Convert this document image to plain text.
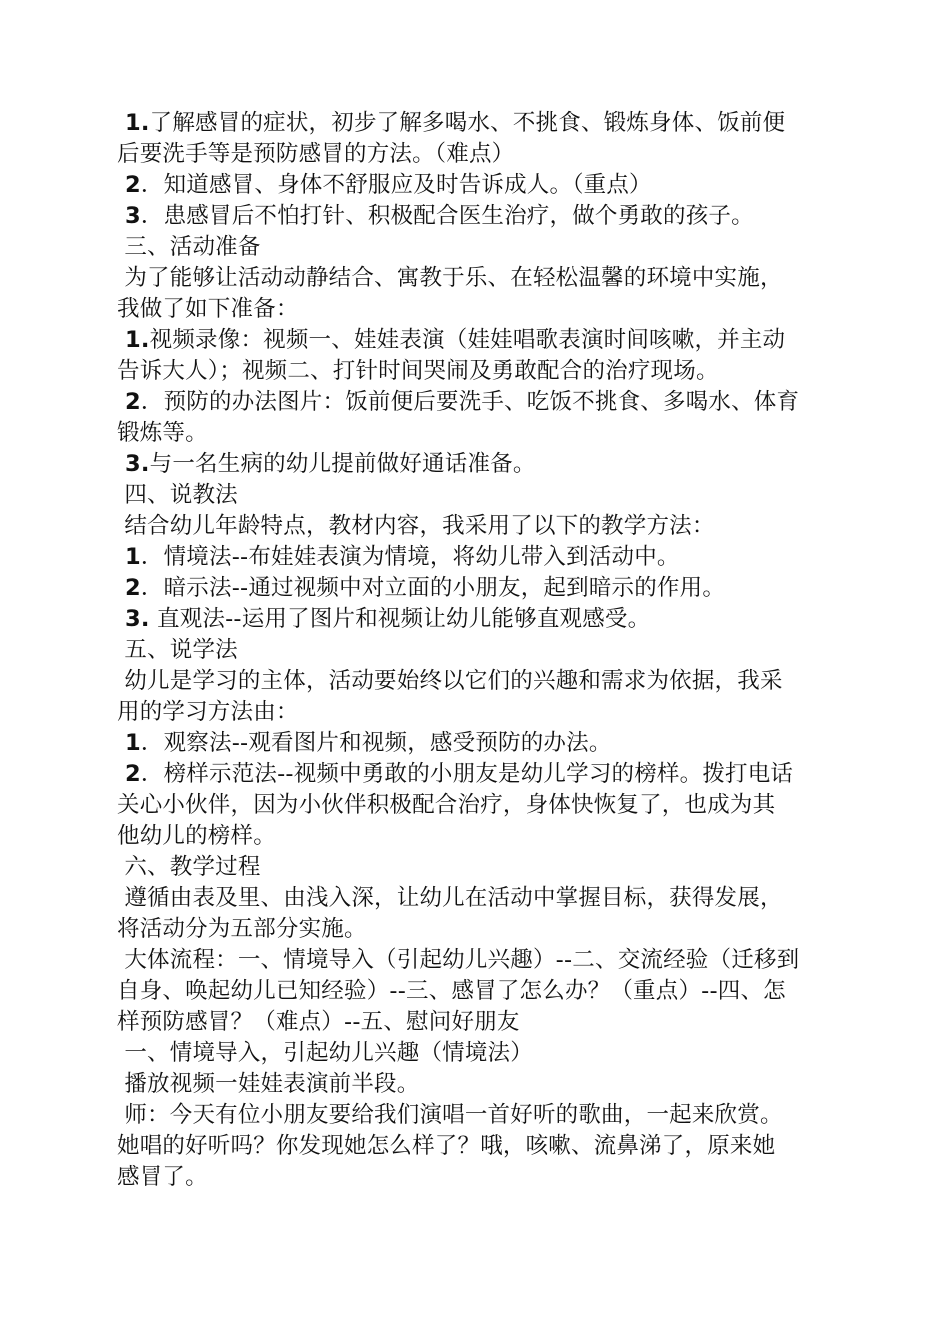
1.了解感冒的症状，初步了解多喝水、不挑食、锻炼身体、饭前便
后要洗手等是预防感冒的方法。（难点）
2．知道感冒、身体不舒服应及时告诉成人。（重点）
3．患感冒后不怕打针、积极配合医生治疗，做个勇敢的孩子。
三、活动准备
为了能够让活动动静结合、寓教于乐、在轻松温馨的环境中实施，
我做了如下准备：
1.视频录像：视频一、娃娃表演（娃娃唱歌表演时间咳嗽，并主动
告诉大人）；视频二、打针时间哭闹及勇敢配合的治疗现场。
2．预防的办法图片：饭前便后要洗手、吃饭不挑食、多喝水、体育
锻炼等。
3.与一名生病的幼儿提前做好通话准备。
四、说教法
结合幼儿年龄特点，教材内容，我采用了以下的教学方法：
1．情境法--布娃娃表演为情境，将幼儿带入到活动中。
2．暗示法--通过视频中对立面的小朋友，起到暗示的作用。
3. 直观法--运用了图片和视频让幼儿能够直观感受。
五、说学法
幼儿是学习的主体，活动要始终以它们的兴趣和需求为依据，我采
用的学习方法由：
1．观察法--观看图片和视频，感受预防的办法。
2．榜样示范法--视频中勇敢的小朋友是幼儿学习的榜样。拨打电话
关心小伙伴，因为小伙伴积极配合治疗，身体快恢复了，也成为其
他幼儿的榜样。
六、教学过程
遵循由表及里、由浅入深，让幼儿在活动中掌握目标，获得发展，
将活动分为五部分实施。
大体流程：一、情境导入（引起幼儿兴趣）--二、交流经验（迁移到
自身、唤起幼儿已知经验）--三、感冒了怎么办？（重点）--四、怎
样预防感冒？（难点）--五、慰问好朋友
一、情境导入，引起幼儿兴趣（情境法）
播放视频一娃娃表演前半段。
师：今天有位小朋友要给我们演唱一首好听的歌曲，一起来欣赏。
她唱的好听吗？你发现她怎么样了？哦，咳嗽、流鼻涕了，原来她
感冒了。
